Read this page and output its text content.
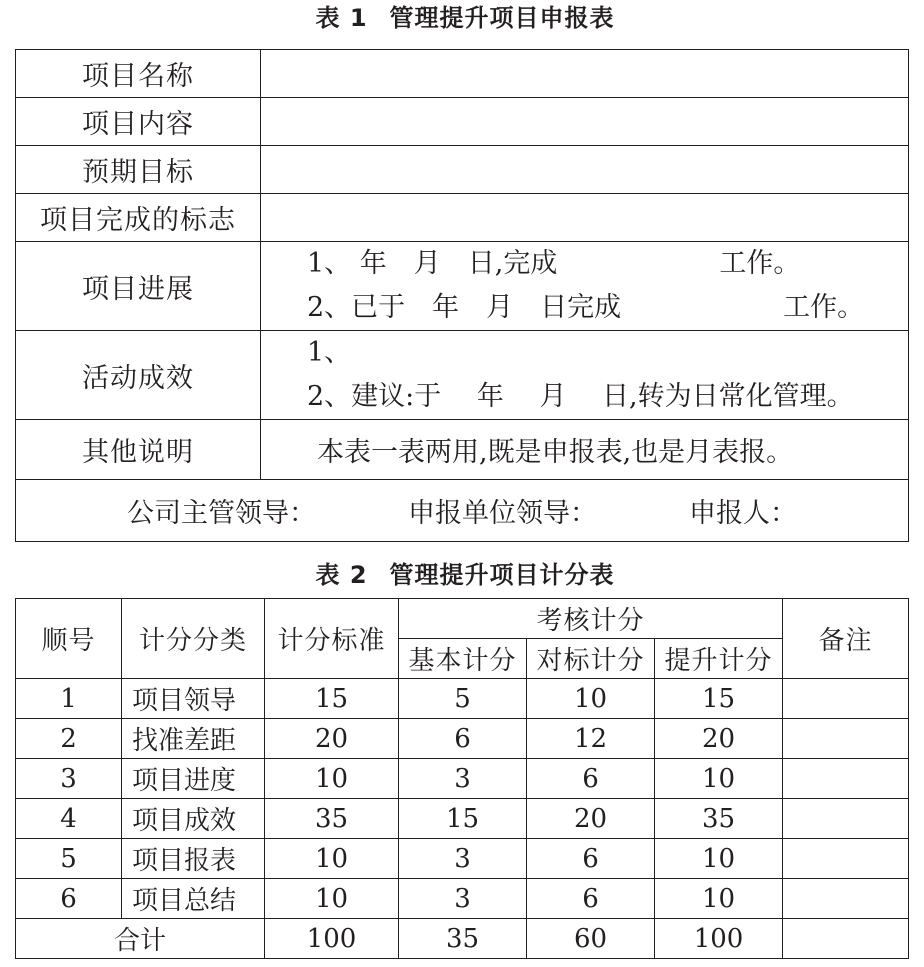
表 1 管理提升项目申报表
项目名称	
项目内容	
预期目标	
项目完成的标志	
项目进展	1、 年　月　日,完成　　　　　　工作。
2、已于　年　月　日完成　　　　　　工作。

活动成效	1、
2、建议:于　 年　 月　 日,转为日常化管理。

其他说明	本表一表两用,既是申报表,也是月表报。
公司主管领导： 申报单位领导： 申报人：	
表 2 管理提升项目计分表
顺号	计分分类	计分标准	考核计分			备注
			基本计分	对标计分	提升计分	
1	项目领导	15	5	10	15	
2	找准差距	20	6	12	20	
3	项目进度	10	3	6	10	
4	项目成效	35	15	20	35	
5	项目报表	10	3	6	10	
6	项目总结	10	3	6	10	
合计		100	35	60	100	
